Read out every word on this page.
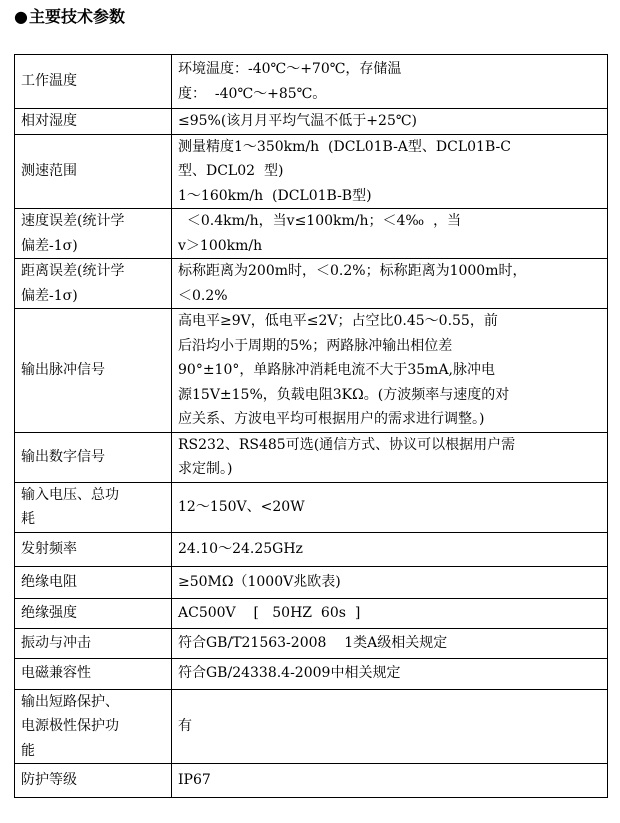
●主要技术参数
工作温度	环境温度：-40℃～+70℃，存储温
度：  -40℃～+85℃。

相对湿度	≤95%(该月月平均气温不低于+25℃)

测速范围	测量精度1～350km/h  (DCL01B-A型、DCL01B-C
型、DCL02  型)
1～160km/h  (DCL01B-B型)

速度误差(统计学
偏差-1σ)	＜0.4km/h，当v≤100km/h；＜4‰  ，当
v＞100km/h

距离误差(统计学
偏差-1σ)	标称距离为200m时，＜0.2%；标称距离为1000m时，
＜0.2%

输出脉冲信号	高电平≥9V，低电平≤2V；占空比0.45～0.55，前
后沿均小于周期的5%；两路脉冲输出相位差
90°±10°，单路脉冲消耗电流不大于35mA,脉冲电
源15V±15%，负载电阻3KΩ。(方波频率与速度的对
应关系、方波电平均可根据用户的需求进行调整。)

输出数字信号	RS232、RS485可选(通信方式、协议可以根据用户需
求定制。)

输入电压、总功
耗	12～150V、<20W

发射频率	24.10～24.25GHz

绝缘电阻	≥50MΩ（1000V兆欧表)

绝缘强度	AC500V    [   50HZ  60s  ]

振动与冲击	符合GB/T21563-2008    1类A级相关规定

电磁兼容性	符合GB/24338.4-2009中相关规定

输出短路保护、
电源极性保护功
能	有

防护等级	IP67
